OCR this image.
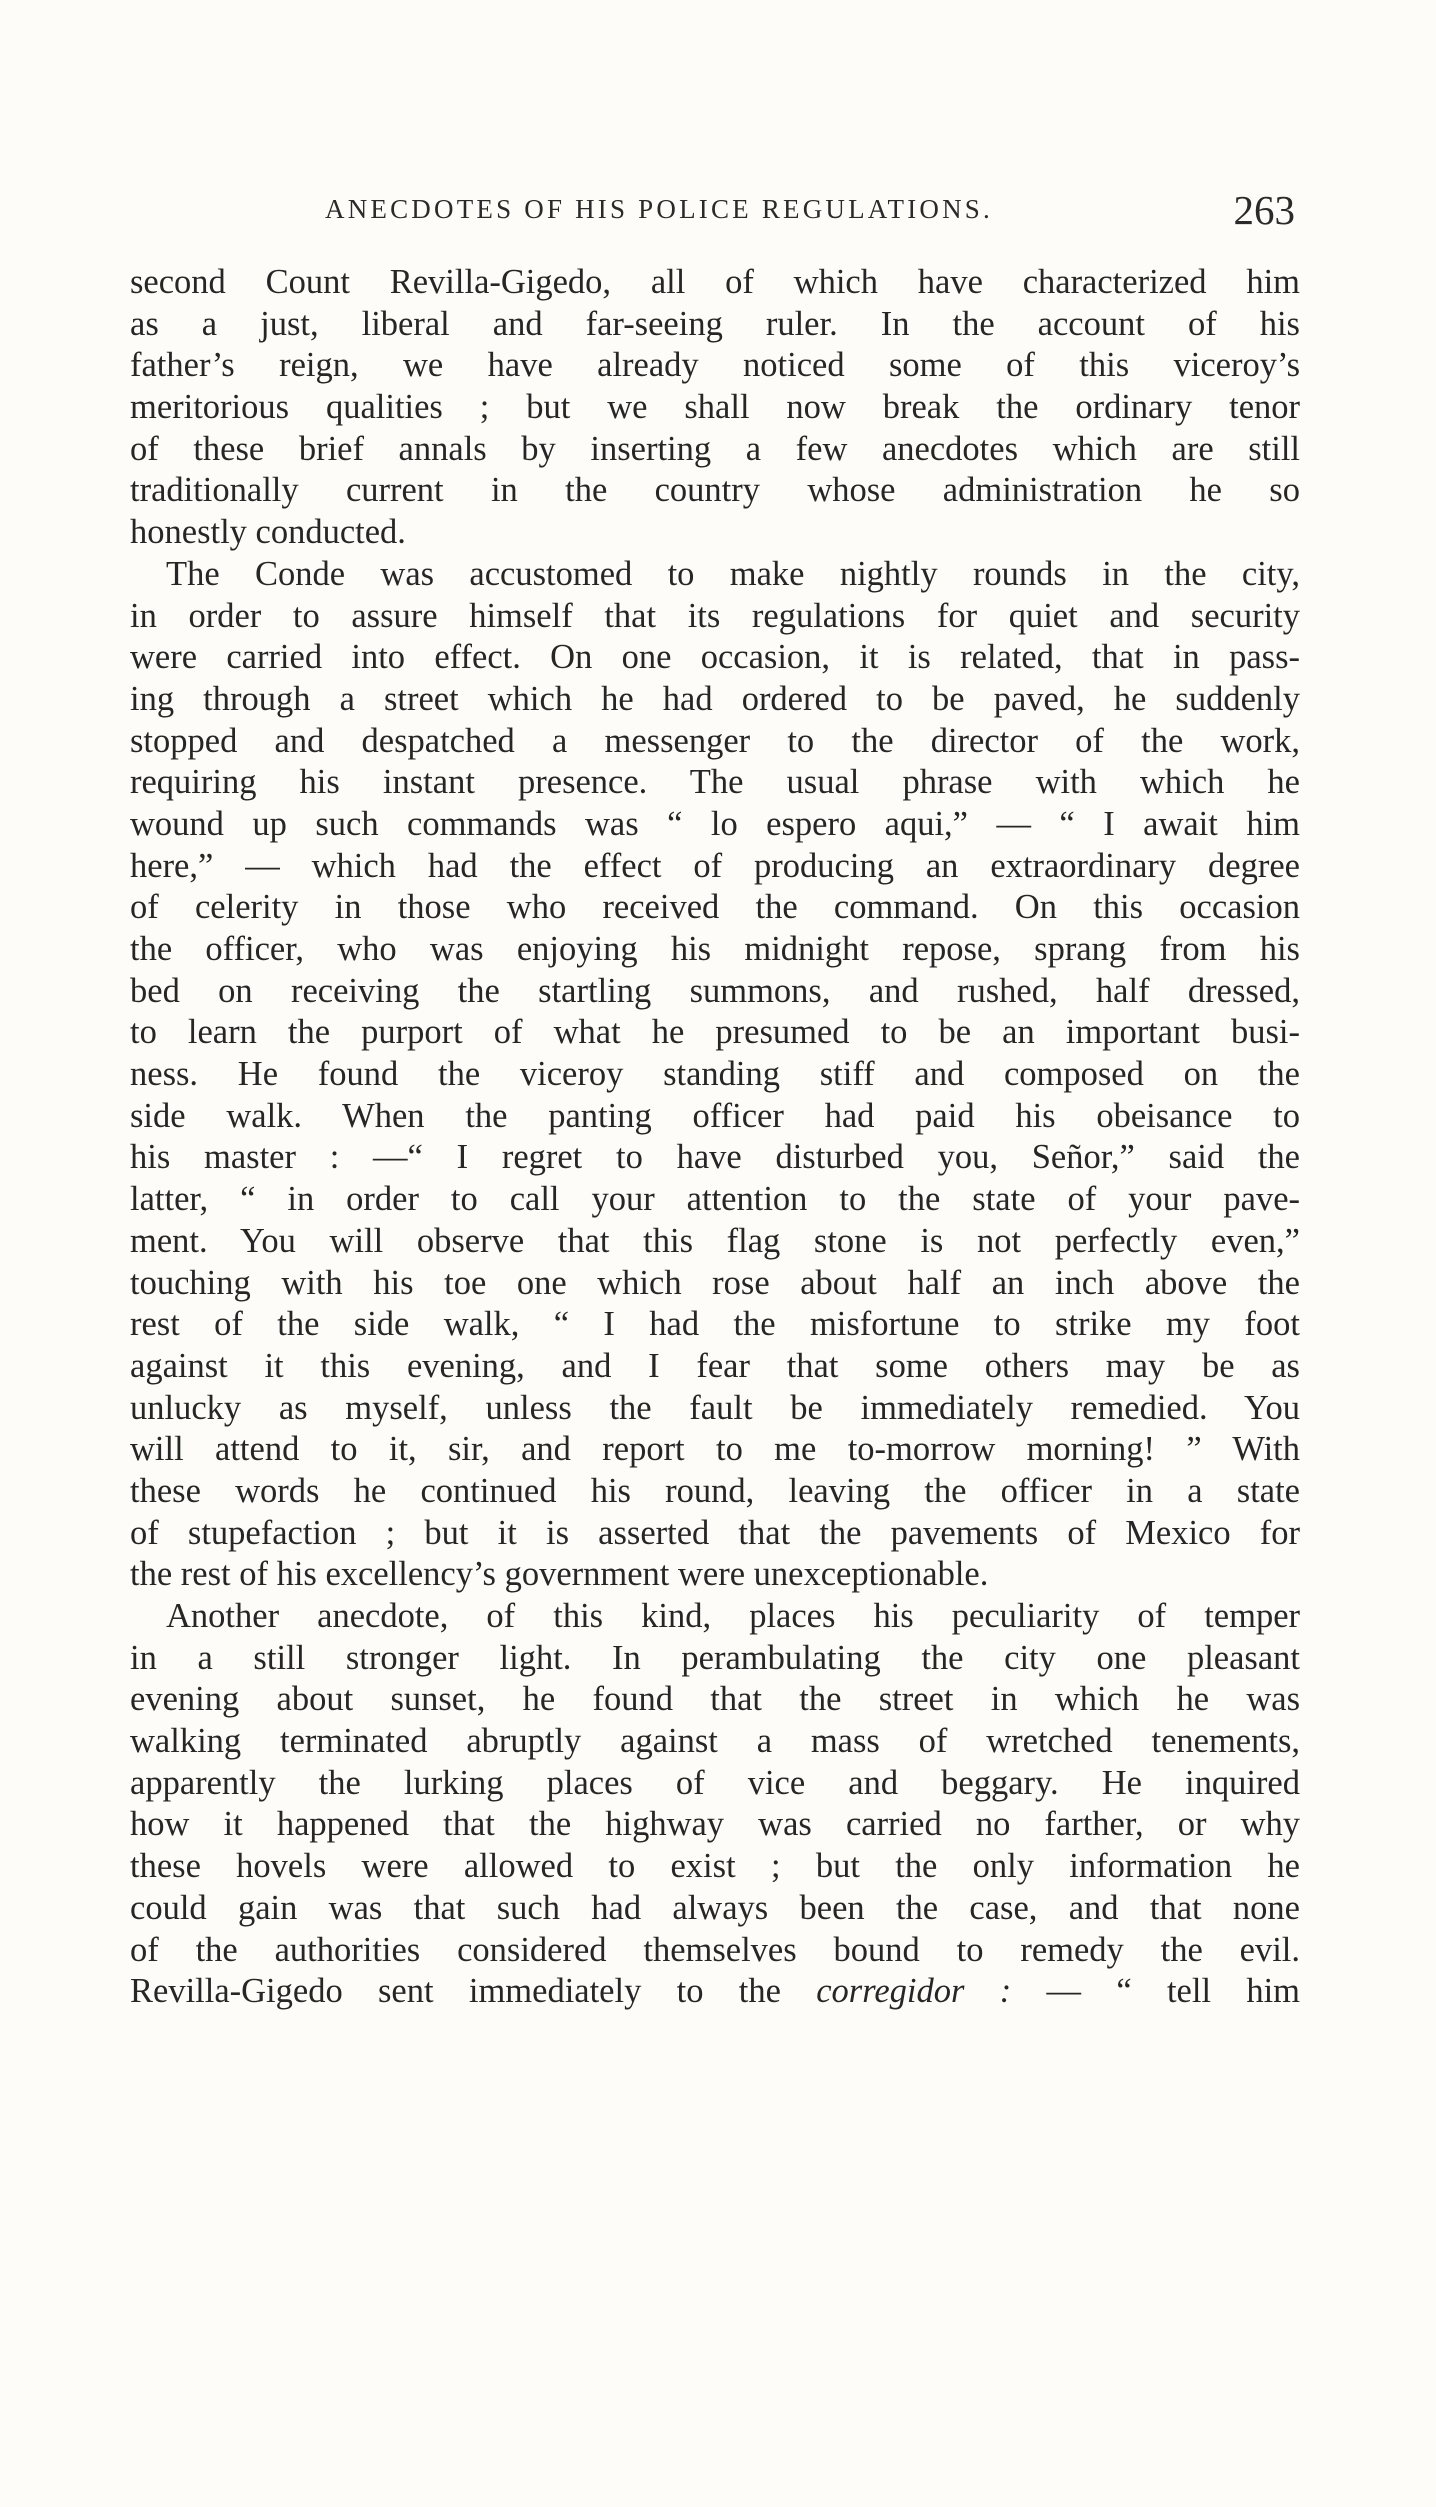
ANECDOTES OF HIS POLICE REGULATIONS.	263
second Count Revilla-Gigedo, all of which have characterized him
as a just, liberal and far-seeing ruler. In the account of his
father’s reign, we have already noticed some of this viceroy’s
meritorious qualities ; but we shall now break the ordinary tenor
of these brief annals by inserting a few anecdotes which are still
traditionally current in the country whose administration he so
honestly conducted.
The Conde was accustomed to make nightly rounds in the city,
in order to assure himself that its regulations for quiet and security
were carried into effect. On one occasion, it is related, that in pass-
ing through a street which he had ordered to be paved, he suddenly
stopped and despatched a messenger to the director of the work,
requiring his instant presence. The usual phrase with which he
wound up such commands was “ lo espero aqui,” — “ I await him
here,” — which had the effect of producing an extraordinary degree
of celerity in those who received the command. On this occasion
the officer, who was enjoying his midnight repose, sprang from his
bed on receiving the startling summons, and rushed, half dressed,
to learn the purport of what he presumed to be an important busi-
ness. He found the viceroy standing stiff and composed on the
side walk. When the panting officer had paid his obeisance to
his master : —“ I regret to have disturbed you, Señor,” said the
latter, “ in order to call your attention to the state of your pave-
ment. You will observe that this flag stone is not perfectly even,”
touching with his toe one which rose about half an inch above the
rest of the side walk, “ I had the misfortune to strike my foot
against it this evening, and I fear that some others may be as
unlucky as myself, unless the fault be immediately remedied. You
will attend to it, sir, and report to me to-morrow morning! ” With
these words he continued his round, leaving the officer in a state
of stupefaction ; but it is asserted that the pavements of Mexico for
the rest of his excellency’s government were unexceptionable.
Another anecdote, of this kind, places his peculiarity of temper
in a still stronger light. In perambulating the city one pleasant
evening about sunset, he found that the street in which he was
walking terminated abruptly against a mass of wretched tenements,
apparently the lurking places of vice and beggary. He inquired
how it happened that the highway was carried no farther, or why
these hovels were allowed to exist ; but the only information he
could gain was that such had always been the case, and that none
of the authorities considered themselves bound to remedy the evil.
Revilla-Gigedo sent immediately to the corregidor : — “ tell him
